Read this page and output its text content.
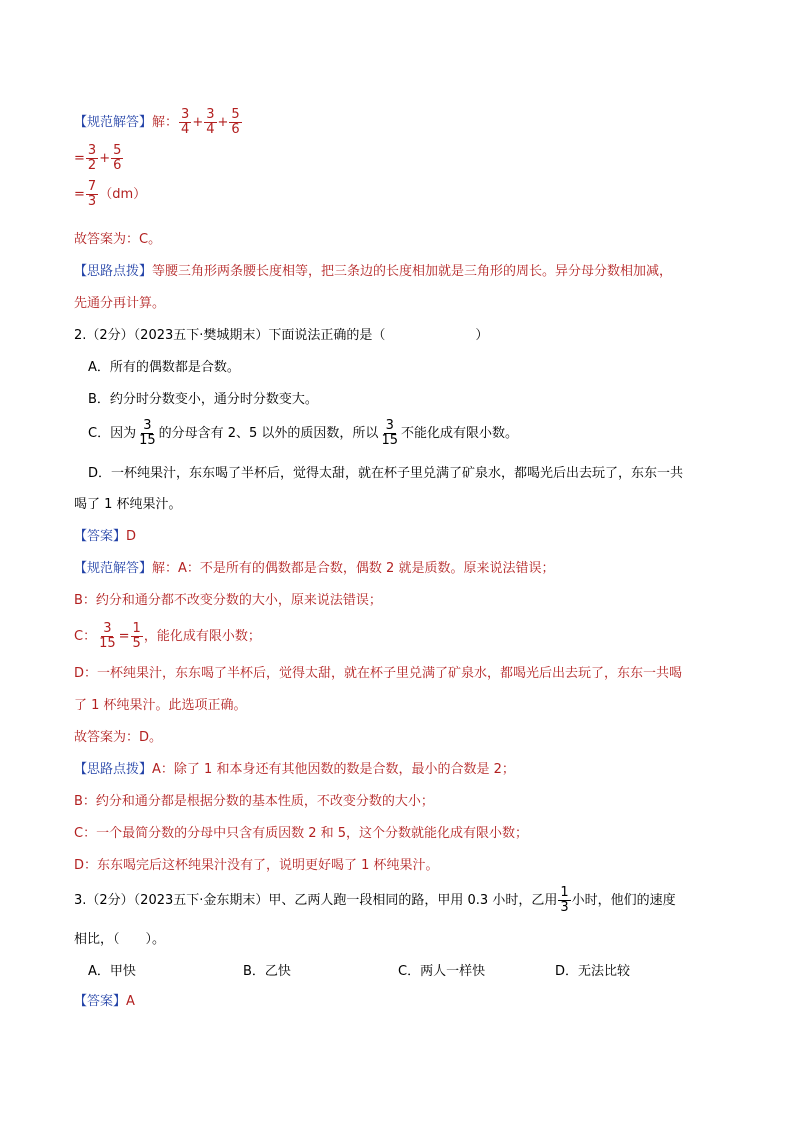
【规范解答】解： $\frac{3}{4} + \frac{3}{4} + \frac{5}{6}$
= $\frac{3}{2} + \frac{5}{6}$
= $\frac{7}{3} (dm)$
故答案为：C。
【思路点拨】等腰三角形两条腰长度相等，把三条边的长度相加就是三角形的周长。异分母分数相加减，
先通分再计算。
2.（2分）（2023五下·樊城期末）下面说法正确的是（	）
A．所有的偶数都是合数。
B．约分时分数变小，通分时分数变大。
C．因为 $\frac{3}{15}$ 的分母含有 2、5 以外的质因数，所以 $\frac{3}{15}$ 不能化成有限小数。
D．一杯纯果汁，东东喝了半杯后，觉得太甜，就在杯子里兑满了矿泉水，都喝光后出去玩了，东东一共
喝了 1 杯纯果汁。
【答案】D
【规范解答】解：A：不是所有的偶数都是合数，偶数 2 就是质数。原来说法错误；
B：约分和通分都不改变分数的大小，原来说法错误；
C： $\frac{3}{15} = \frac{1}{5}$ ，能化成有限小数；
D：一杯纯果汁，东东喝了半杯后，觉得太甜，就在杯子里兑满了矿泉水，都喝光后出去玩了，东东一共喝
了 1 杯纯果汁。此选项正确。
故答案为：D。
【思路点拨】A：除了 1 和本身还有其他因数的数是合数，最小的合数是 2；
B：约分和通分都是根据分数的基本性质，不改变分数的大小；
C：一个最简分数的分母中只含有质因数 2 和 5，这个分数就能化成有限小数；
D：东东喝完后这杯纯果汁没有了，说明更好喝了 1 杯纯果汁。
3.（2分）（2023五下·金东期末）甲、乙两人跑一段相同的路，甲用 0.3 小时，乙用 $\frac{1}{3}$ 小时，他们的速度
相比，（　　）。
A．甲快	B．乙快	C．两人一样快	D．无法比较
【答案】A
